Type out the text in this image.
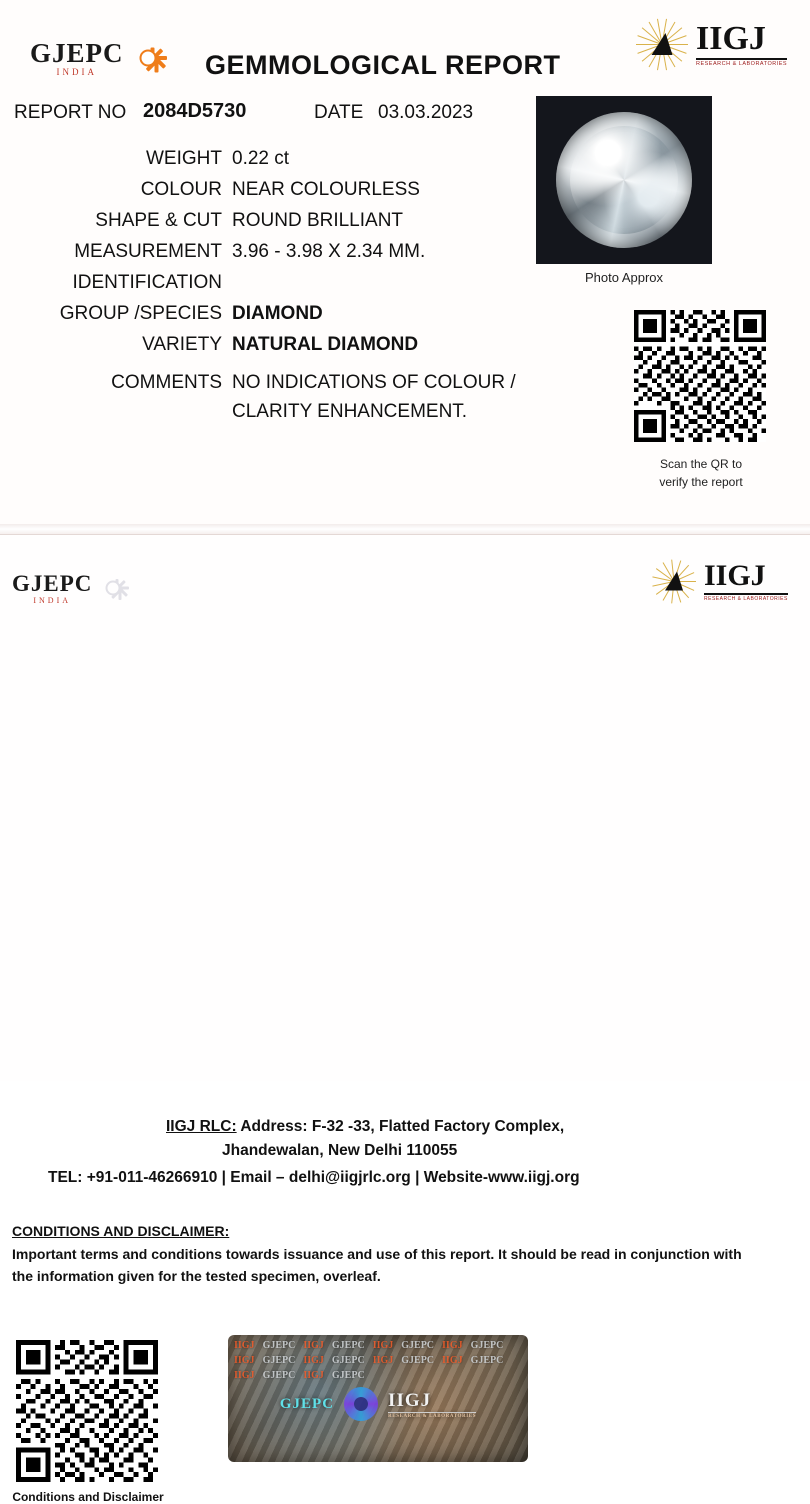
GJEPC
INDIA
IIGJ
RESEARCH & LABORATORIES
GEMMOLOGICAL REPORT
REPORT NO 2084D5730	DATE 03.03.2023
WEIGHT 0.22 ct
COLOUR NEAR COLOURLESS
SHAPE & CUT ROUND BRILLIANT
MEASUREMENT 3.96 - 3.98 X 2.34 MM.
IDENTIFICATION
GROUP /SPECIES DIAMOND
VARIETY NATURAL DIAMOND
COMMENTS NO INDICATIONS OF COLOUR /
CLARITY ENHANCEMENT.
Photo Approx
Scan the QR to
verify the report
GJEPC
INDIA
IIGJ
RESEARCH & LABORATORIES
IIGJ RLC: Address: F-32 -33, Flatted Factory Complex,
Jhandewalan, New Delhi 110055
TEL: +91-011-46266910 | Email – delhi@iigjrlc.org | Website-www.iigj.org
CONDITIONS AND DISCLAIMER:
Important terms and conditions towards issuance and use of this report. It should be read in conjunction with
the information given for the tested specimen, overleaf.
Conditions and Disclaimer
IIGJ GJEPC IIGJ GJEPC IIGJ GJEPC IIGJ GJEPC
IIGJ GJEPC IIGJ GJEPC IIGJ GJEPC IIGJ GJEPC
IIGJ GJEPC IIGJ GJEPC
GJEPC	IIGJ
RESEARCH & LABORATORIES
